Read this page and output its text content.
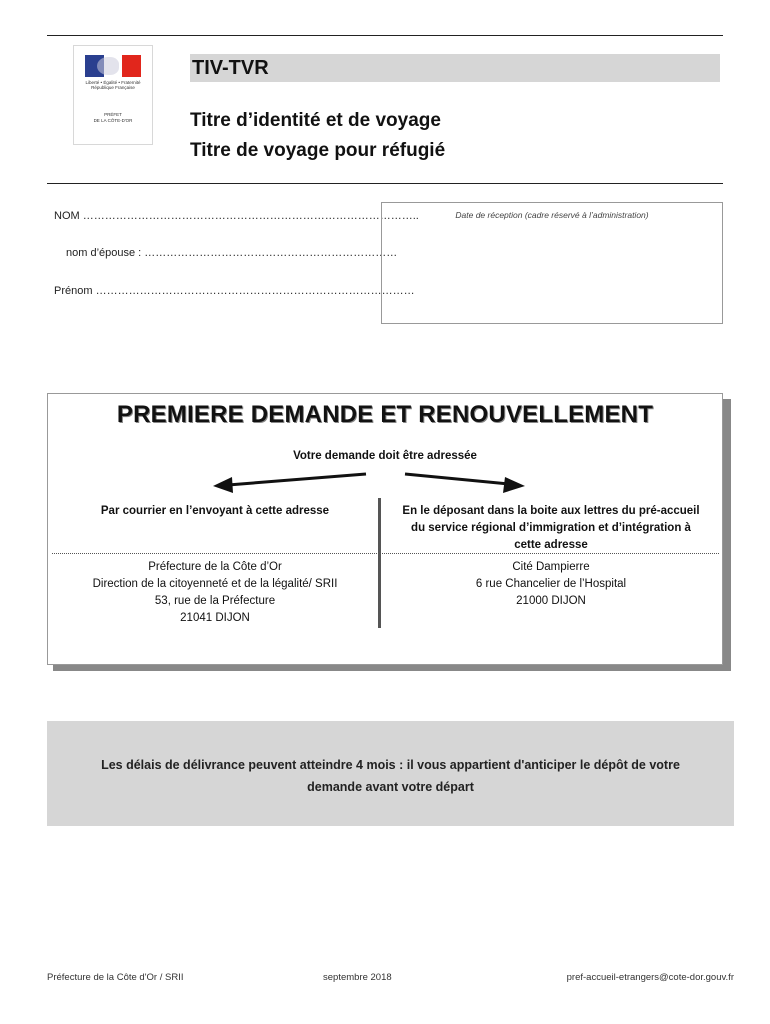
Liberté • Égalité • Fraternité
République Française
PRÉFET
DE LA CÔTE-D'OR
TIV-TVR
Titre d’identité et de voyage
Titre de voyage pour réfugié
NOM ………………………………………………………………………………..
nom d’épouse : ……………………………………………………………
Prénom ……………………………………………………………………………
Date de réception (cadre réservé à l’administration)
PREMIERE DEMANDE ET RENOUVELLEMENT
Votre demande doit être adressée
Par courrier en l’envoyant à cette adresse	En le déposant dans la boite aux lettres du pré-accueil
du service régional d’immigration et d’intégration à
cette adresse
Préfecture de la Côte d’Or
Direction de la citoyenneté et de la légalité/ SRII
53, rue de la Préfecture
21041 DIJON
Cité Dampierre
6 rue Chancelier de l’Hospital
21000 DIJON
Les délais de délivrance peuvent atteindre 4 mois : il vous appartient d'anticiper le dépôt de votre
demande avant votre départ
Préfecture de la Côte d'Or / SRII	septembre 2018	pref-accueil-etrangers@cote-dor.gouv.fr
